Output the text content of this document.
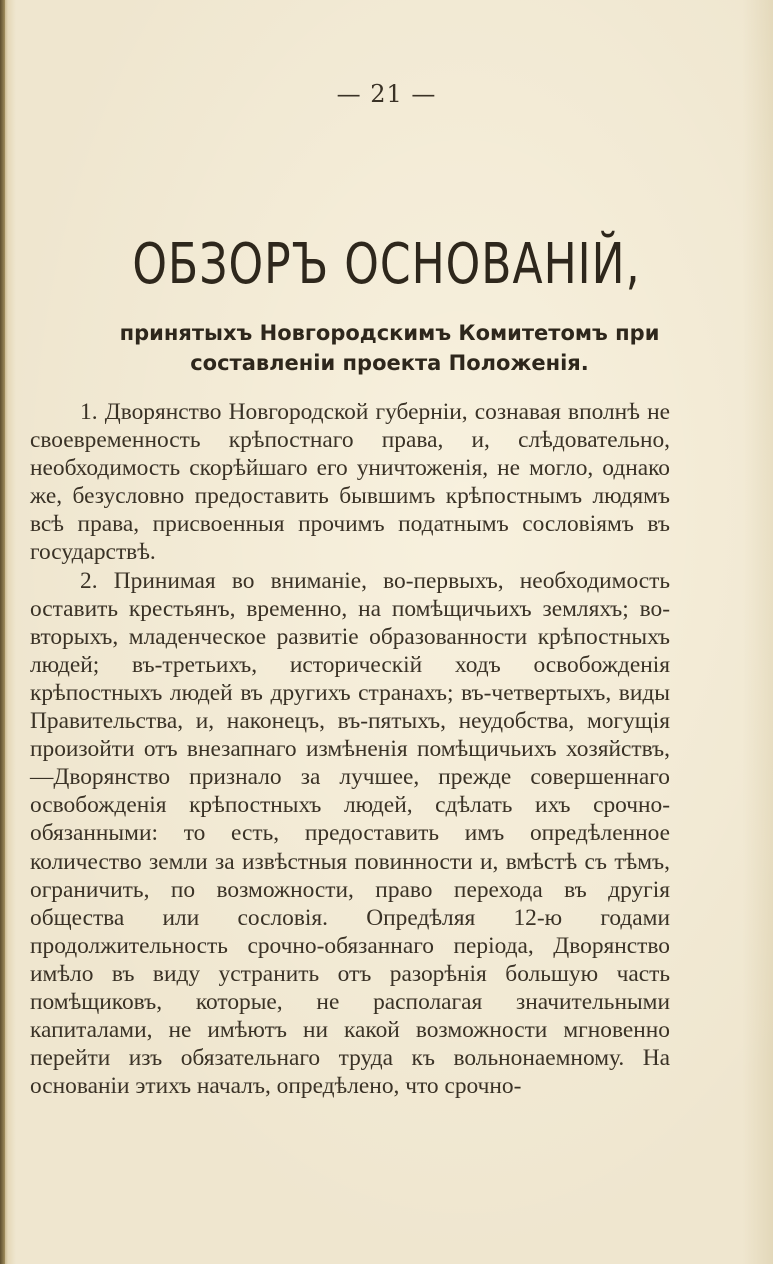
— 21 —
ОБЗОРЪ ОСНОВАНІЙ,
принятыхъ Новгородскимъ Комитетомъ при составленіи проекта Положенія.

1. Дворянство Новгородской губерніи, сознавая вполнѣ не своевременность крѣпостнаго права, и, слѣдовательно, необходимость скорѣйшаго его уничтоженія, не могло, однако же, безусловно предоставить бывшимъ крѣпостнымъ людямъ всѣ права, присвоенныя прочимъ податнымъ сословіямъ въ государствѣ.

2. Принимая во вниманіе, во-первыхъ, необходимость оставить крестьянъ, временно, на помѣщичьихъ земляхъ; во-вторыхъ, младенческое развитіе образованности крѣпостныхъ людей; въ-третьихъ, историческій ходъ освобожденія крѣпостныхъ людей въ другихъ странахъ; въ-четвертыхъ, виды Правительства, и, наконецъ, въ-пятыхъ, неудобства, могущія произойти отъ внезапнаго измѣненія помѣщичьихъ хозяйствъ,—Дворянство признало за лучшее, прежде совершеннаго освобожденія крѣпостныхъ людей, сдѣлать ихъ срочно-обязанными: то есть, предоставить имъ опредѣленное количество земли за извѣстныя повинности и, вмѣстѣ съ тѣмъ, ограничить, по возможности, право перехода въ другія общества или сословія. Опредѣляя 12-ю годами продолжительность срочно-обязаннаго періода, Дворянство имѣло въ виду устранить отъ разорѣнія большую часть помѣщиковъ, которые, не располагая значительными капиталами, не имѣютъ ни какой возможности мгновенно перейти изъ обязательнаго труда къ вольнонаемному. На основаніи этихъ началъ, опредѣлено, что срочно-
